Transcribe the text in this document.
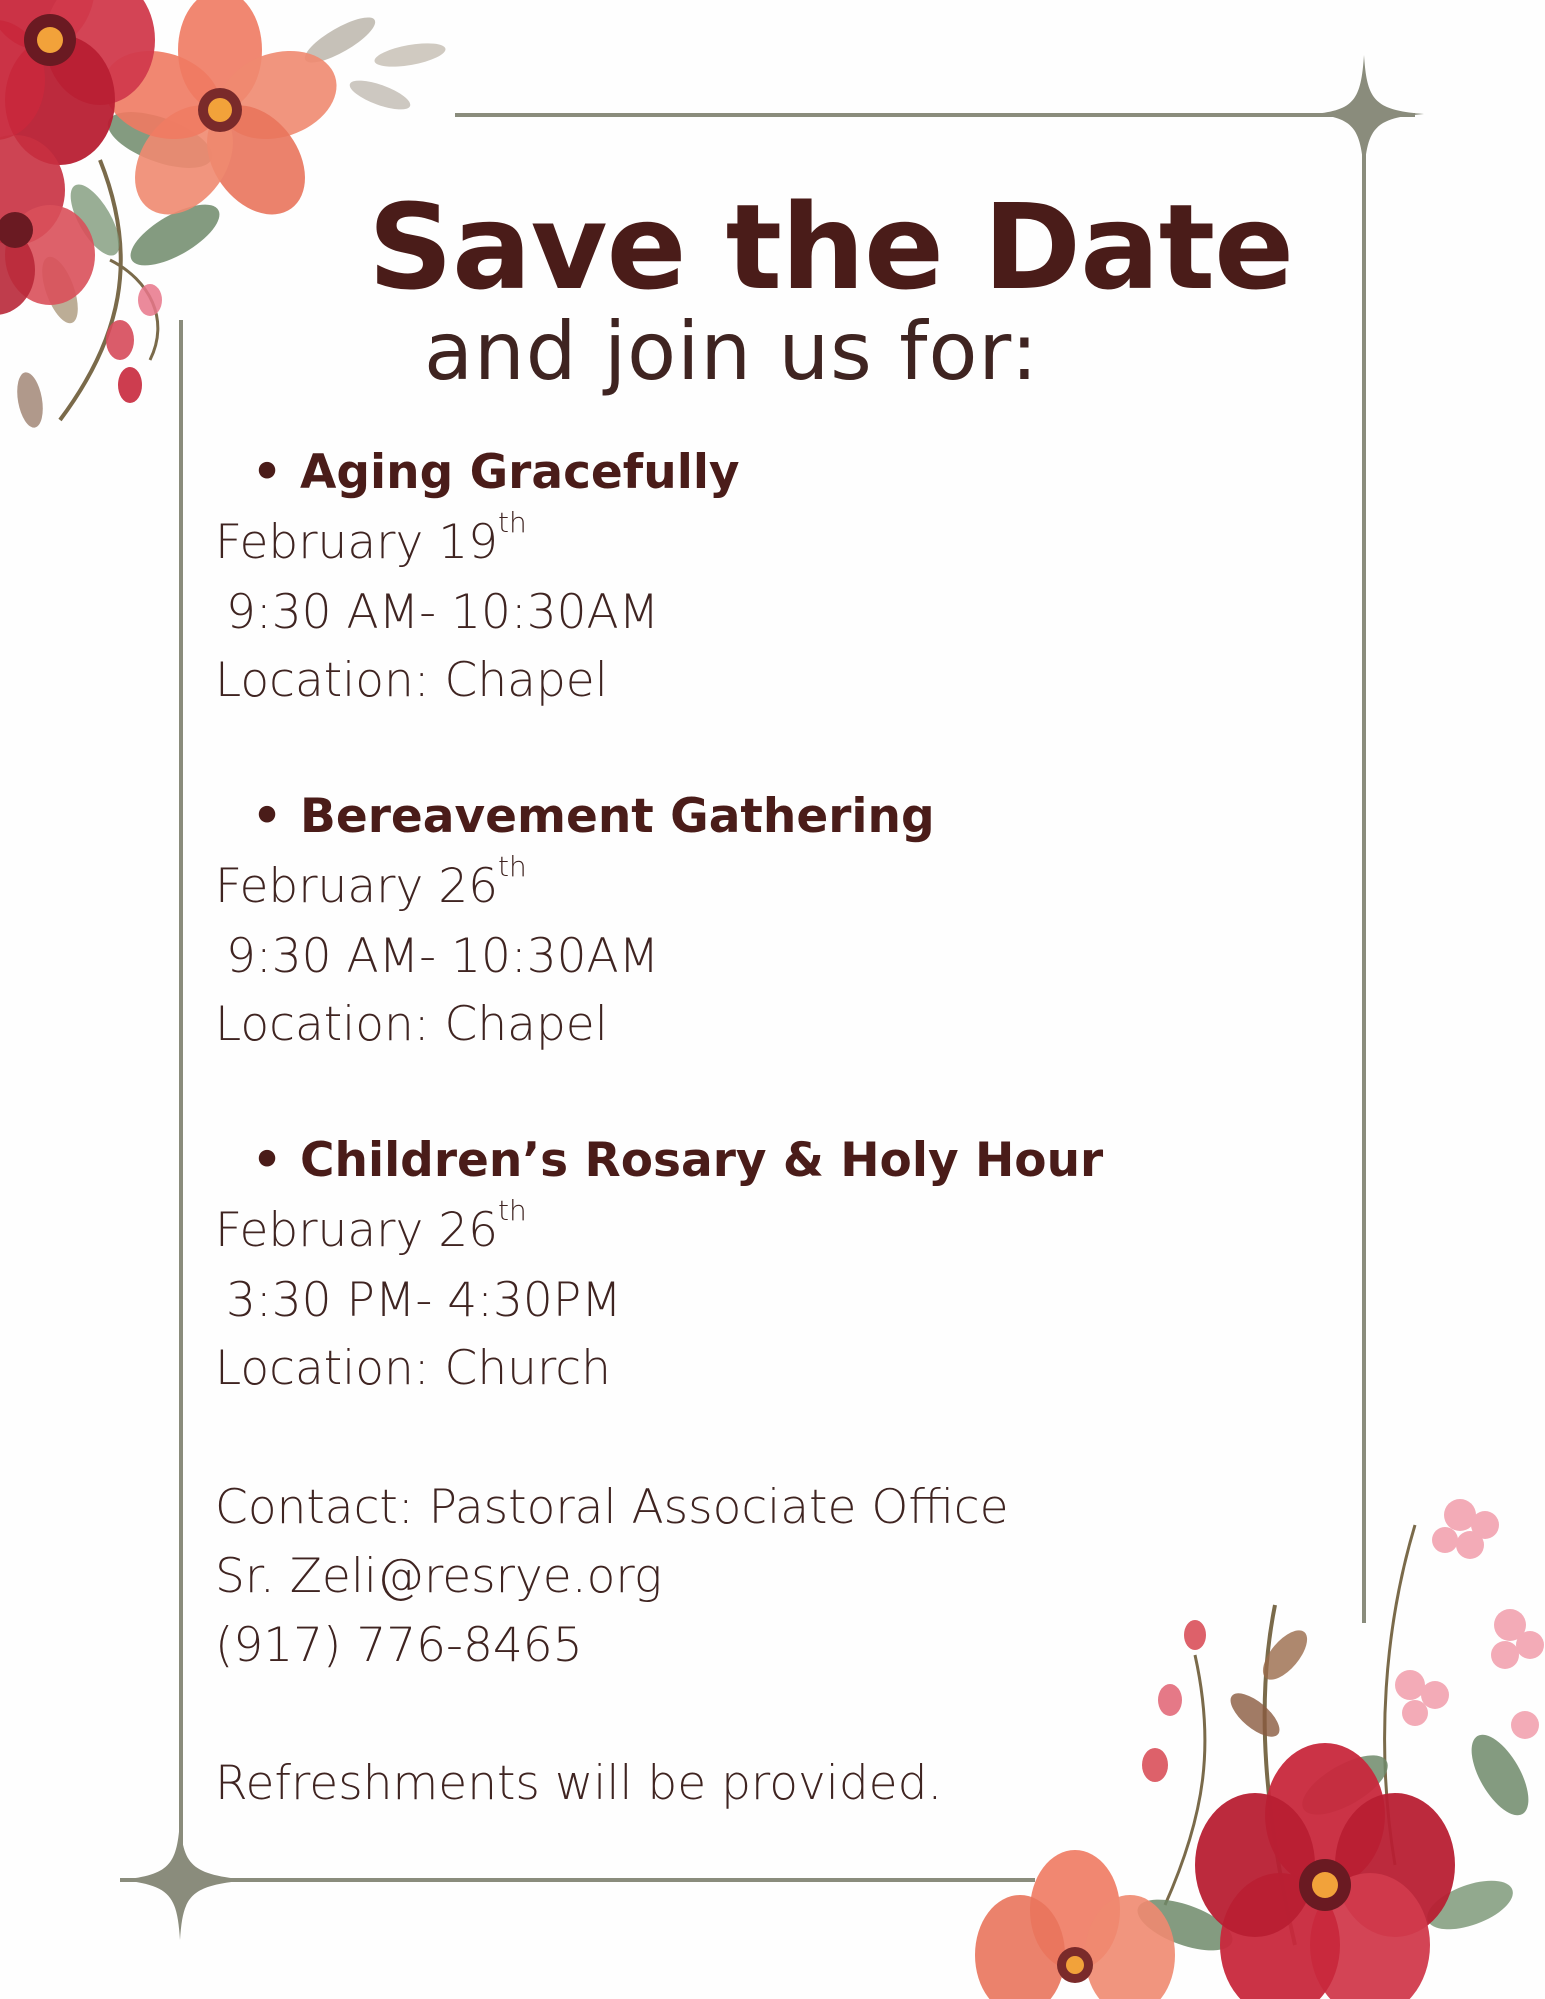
Save the Date
and join us for:
• Aging Gracefully
February 19th
9:30 AM- 10:30AM
Location: Chapel
• Bereavement Gathering
February 26th
9:30 AM- 10:30AM
Location: Chapel
• Children’s Rosary & Holy Hour
February 26th
3:30 PM- 4:30PM
Location: Church
Contact: Pastoral Associate Office
Sr. Zeli@resrye.org
(917) 776-8465
Refreshments will be provided.
